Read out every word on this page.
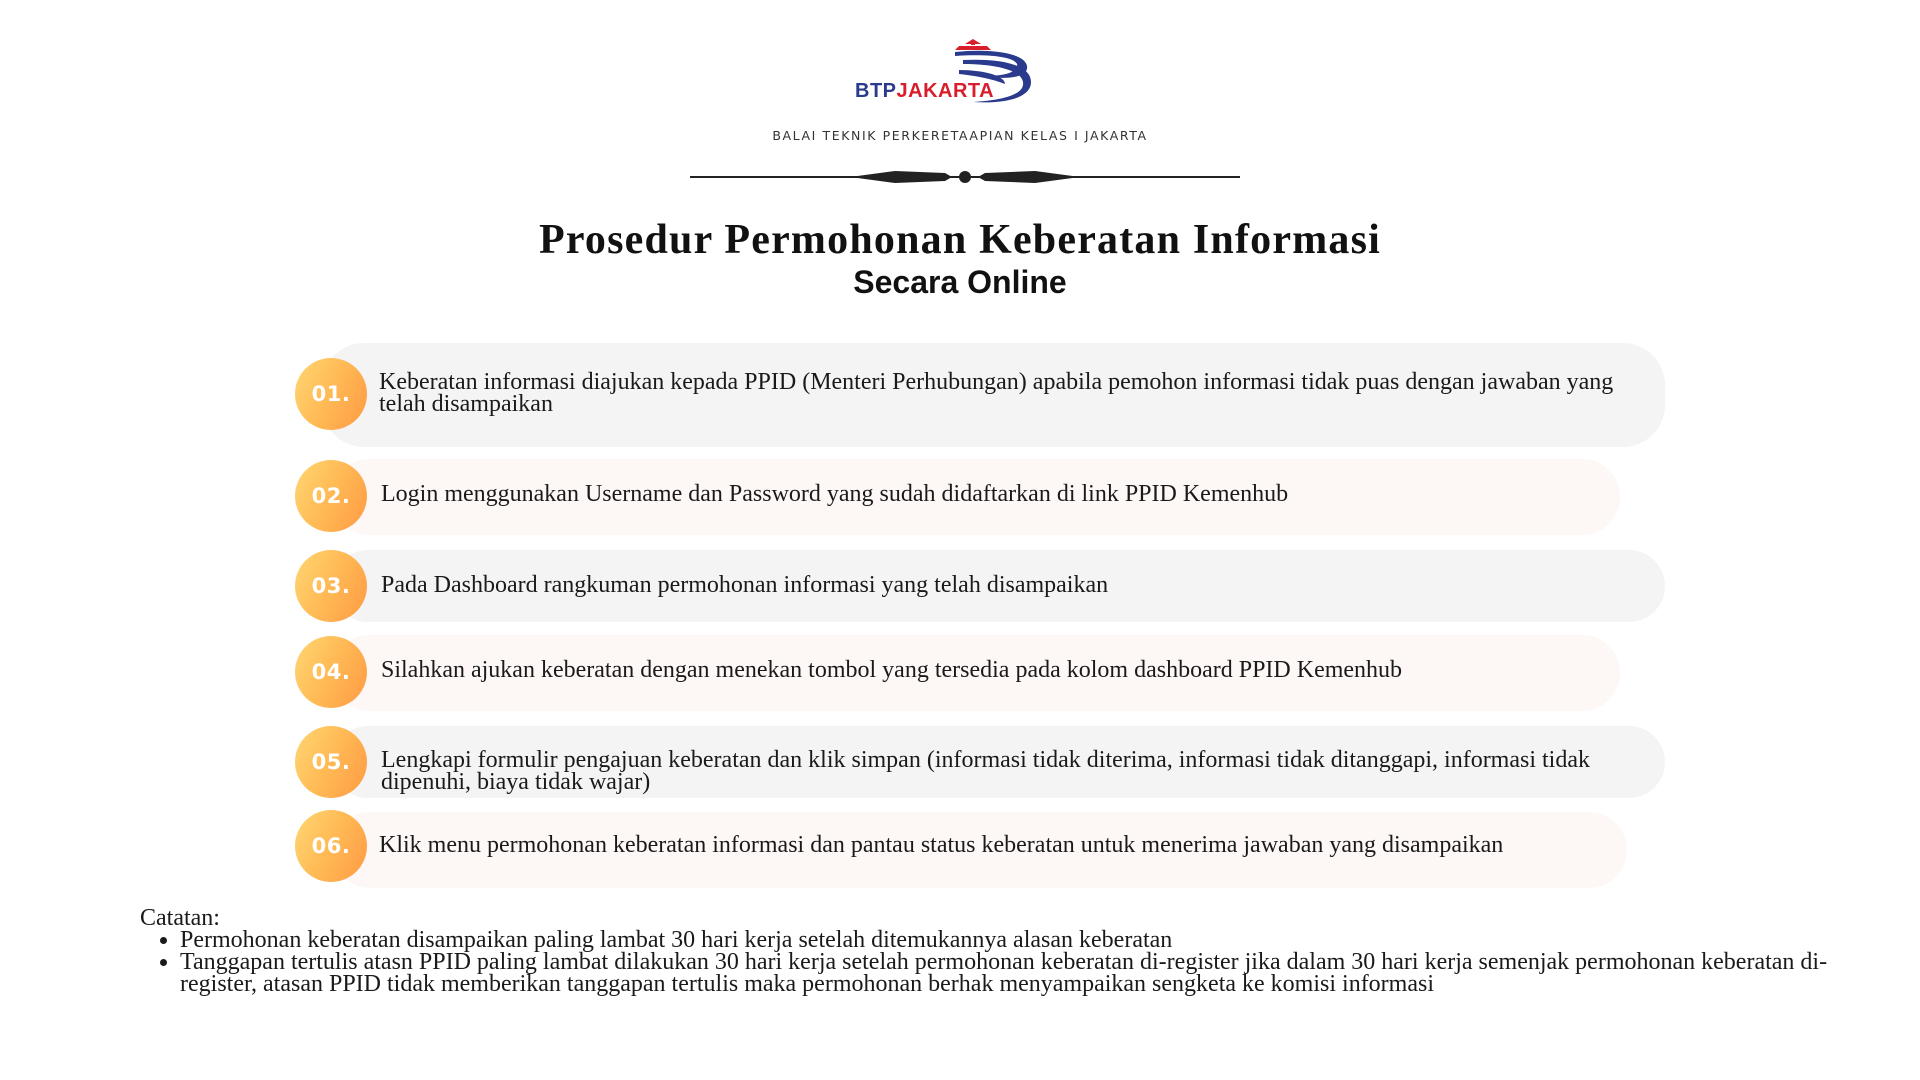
BTPJAKARTA
BALAI TEKNIK PERKERETAAPIAN KELAS I JAKARTA
Prosedur Permohonan Keberatan Informasi
Secara Online
01.	Keberatan informasi diajukan kepada PPID (Menteri Perhubungan) apabila pemohon informasi tidak puas dengan jawaban yang telah disampaikan
02.	Login menggunakan Username dan Password yang sudah didaftarkan di link PPID Kemenhub
03.	Pada Dashboard rangkuman permohonan informasi yang telah disampaikan
04.	Silahkan ajukan keberatan dengan menekan tombol yang tersedia pada kolom dashboard PPID Kemenhub
05.	Lengkapi formulir pengajuan keberatan dan klik simpan (informasi tidak diterima, informasi tidak ditanggapi, informasi tidak dipenuhi, biaya tidak wajar)
06.	Klik menu permohonan keberatan informasi dan pantau status keberatan untuk menerima jawaban yang disampaikan
Catatan:
• Permohonan keberatan disampaikan paling lambat 30 hari kerja setelah ditemukannya alasan keberatan
• Tanggapan tertulis atasn PPID paling lambat dilakukan 30 hari kerja setelah permohonan keberatan di-register jika dalam 30 hari kerja semenjak permohonan keberatan di-register, atasan PPID tidak memberikan tanggapan tertulis maka permohonan berhak menyampaikan sengketa ke komisi informasi
